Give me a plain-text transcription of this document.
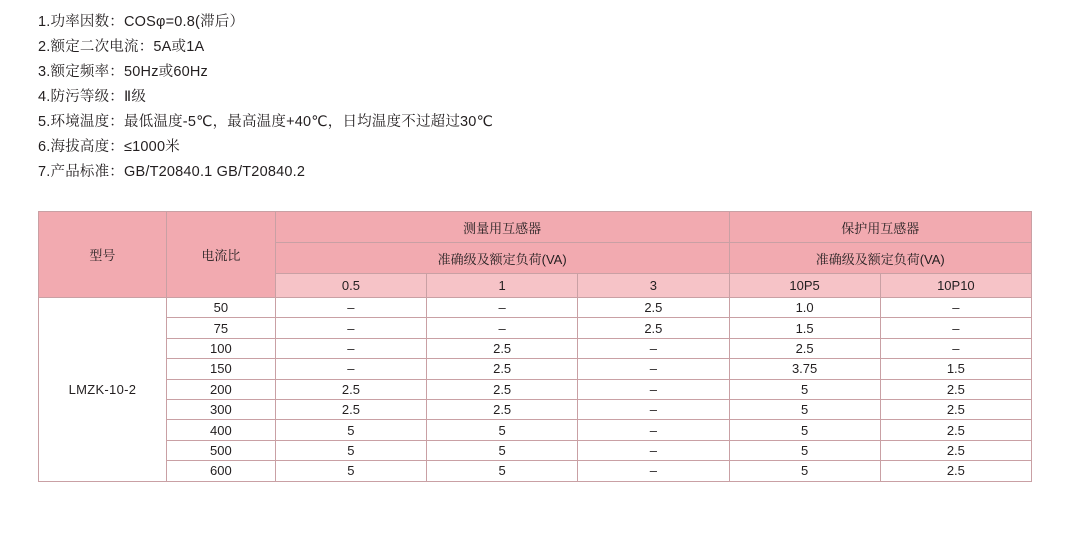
1.功率因数：COSφ=0.8(滞后）
2.额定二次电流：5A或1A
3.额定频率：50Hz或60Hz
4.防污等级：Ⅱ级
5.环境温度：最低温度-5℃，最高温度+40℃，日均温度不过超过30℃
6.海拔高度：≤1000米
7.产品标准：GB/T20840.1 GB/T20840.2
型号	电流比	测量用互感器			保护用互感器	
		准确级及额定负荷(VA)			准确级及额定负荷(VA)	
		0.5	1	3	10P5	10P10
LMZK-10-2	50	–	–	2.5	1.0	–
	75	–	–	2.5	1.5	–
	100	–	2.5	–	2.5	–
	150	–	2.5	–	3.75	1.5
	200	2.5	2.5	–	5	2.5
	300	2.5	2.5	–	5	2.5
	400	5	5	–	5	2.5
	500	5	5	–	5	2.5
	600	5	5	–	5	2.5
